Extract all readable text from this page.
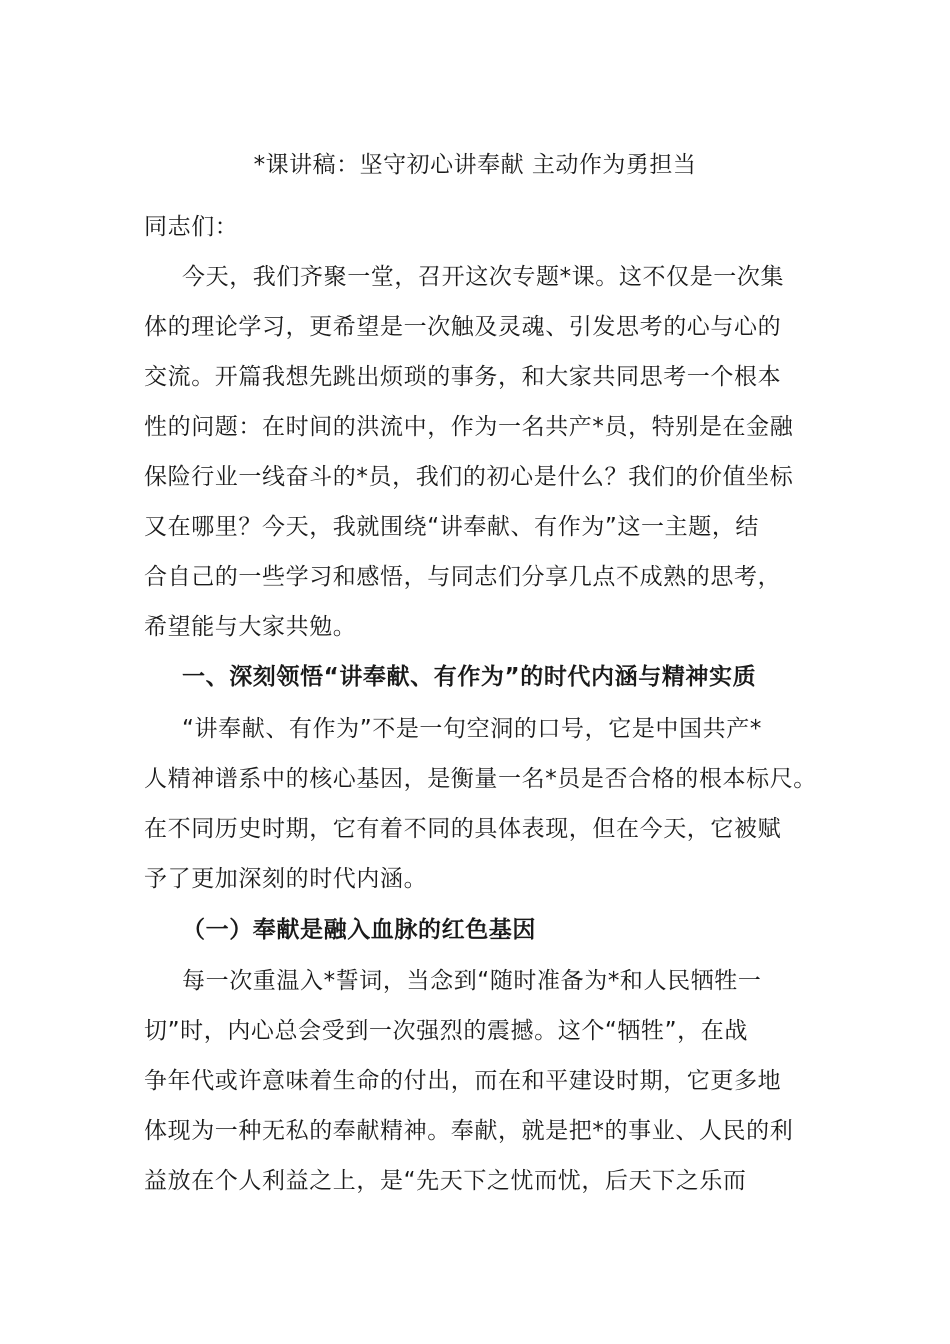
*课讲稿：坚守初心讲奉献 主动作为勇担当
同志们：
今天，我们齐聚一堂，召开这次专题*课。这不仅是一次集
体的理论学习，更希望是一次触及灵魂、引发思考的心与心的
交流。开篇我想先跳出烦琐的事务，和大家共同思考一个根本
性的问题：在时间的洪流中，作为一名共产*员，特别是在金融
保险行业一线奋斗的*员，我们的初心是什么？我们的价值坐标
又在哪里？今天，我就围绕“讲奉献、有作为”这一主题，结
合自己的一些学习和感悟，与同志们分享几点不成熟的思考，
希望能与大家共勉。
一、深刻领悟“讲奉献、有作为”的时代内涵与精神实质
“讲奉献、有作为”不是一句空洞的口号，它是中国共产*
人精神谱系中的核心基因，是衡量一名*员是否合格的根本标尺。
在不同历史时期，它有着不同的具体表现，但在今天，它被赋
予了更加深刻的时代内涵。
（一）奉献是融入血脉的红色基因
每一次重温入*誓词，当念到“随时准备为*和人民牺牲一
切”时，内心总会受到一次强烈的震撼。这个“牺牲”，在战
争年代或许意味着生命的付出，而在和平建设时期，它更多地
体现为一种无私的奉献精神。奉献，就是把*的事业、人民的利
益放在个人利益之上，是“先天下之忧而忧，后天下之乐而
